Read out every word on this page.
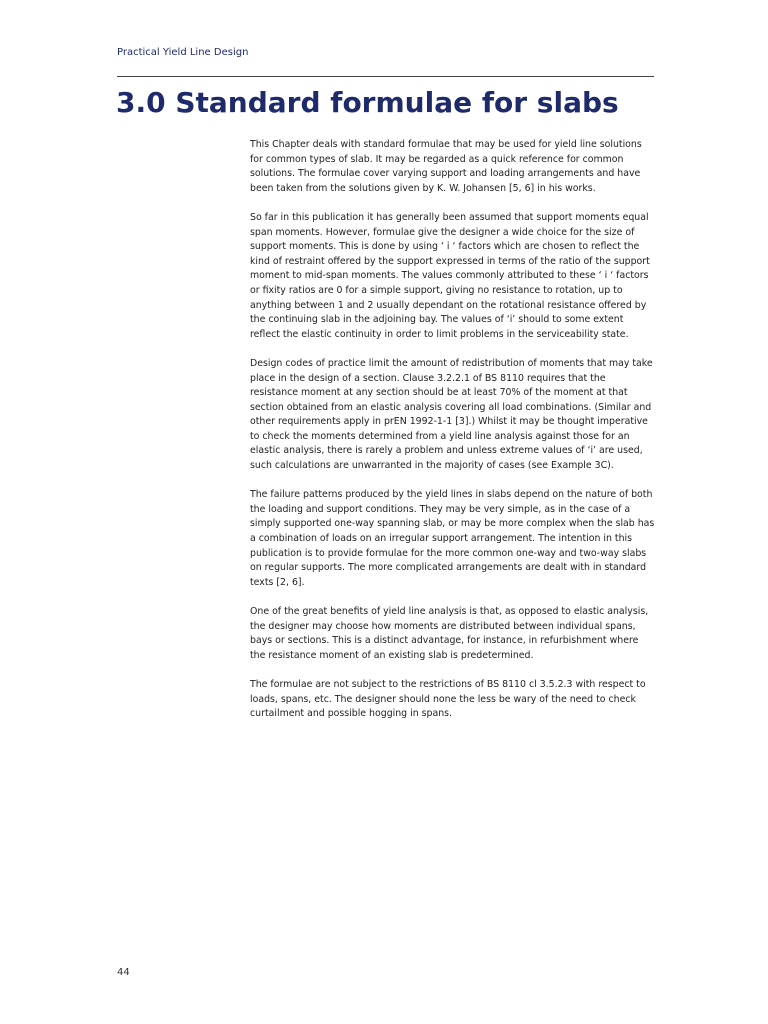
Practical Yield Line Design
3.0 Standard formulae for slabs

This Chapter deals with standard formulae that may be used for yield line solutions for common types of slab. It may be regarded as a quick reference for common solutions. The formulae cover varying support and loading arrangements and have been taken from the solutions given by K. W. Johansen [5, 6] in his works.

So far in this publication it has generally been assumed that support moments equal span moments. However, formulae give the designer a wide choice for the size of support moments. This is done by using ‘ i ‘ factors which are chosen to reflect the kind of restraint offered by the support expressed in terms of the ratio of the support moment to mid-span moments. The values commonly attributed to these ‘ i ‘ factors or fixity ratios are 0 for a simple support, giving no resistance to rotation, up to anything between 1 and 2 usually dependant on the rotational resistance offered by the continuing slab in the adjoining bay. The values of ‘i’ should to some extent reflect the elastic continuity in order to limit problems in the serviceability state.

Design codes of practice limit the amount of redistribution of moments that may take place in the design of a section. Clause 3.2.2.1 of BS 8110 requires that the resistance moment at any section should be at least 70% of the moment at that section obtained from an elastic analysis covering all load combinations. (Similar and other requirements apply in prEN 1992-1-1 [3].) Whilst it may be thought imperative to check the moments determined from a yield line analysis against those for an elastic analysis, there is rarely a problem and unless extreme values of ‘i’ are used, such calculations are unwarranted in the majority of cases (see Example 3C).

The failure patterns produced by the yield lines in slabs depend on the nature of both the loading and support conditions. They may be very simple, as in the case of a simply supported one-way spanning slab, or may be more complex when the slab has a combination of loads on an irregular support arrangement. The intention in this publication is to provide formulae for the more common one-way and two-way slabs on regular supports. The more complicated arrangements are dealt with in standard texts [2, 6].

One of the great benefits of yield line analysis is that, as opposed to elastic analysis, the designer may choose how moments are distributed between individual spans, bays or sections. This is a distinct advantage, for instance, in refurbishment where the resistance moment of an existing slab is predetermined.

The formulae are not subject to the restrictions of BS 8110 cl 3.5.2.3 with respect to loads, spans, etc. The designer should none the less be wary of the need to check curtailment and possible hogging in spans.

44
